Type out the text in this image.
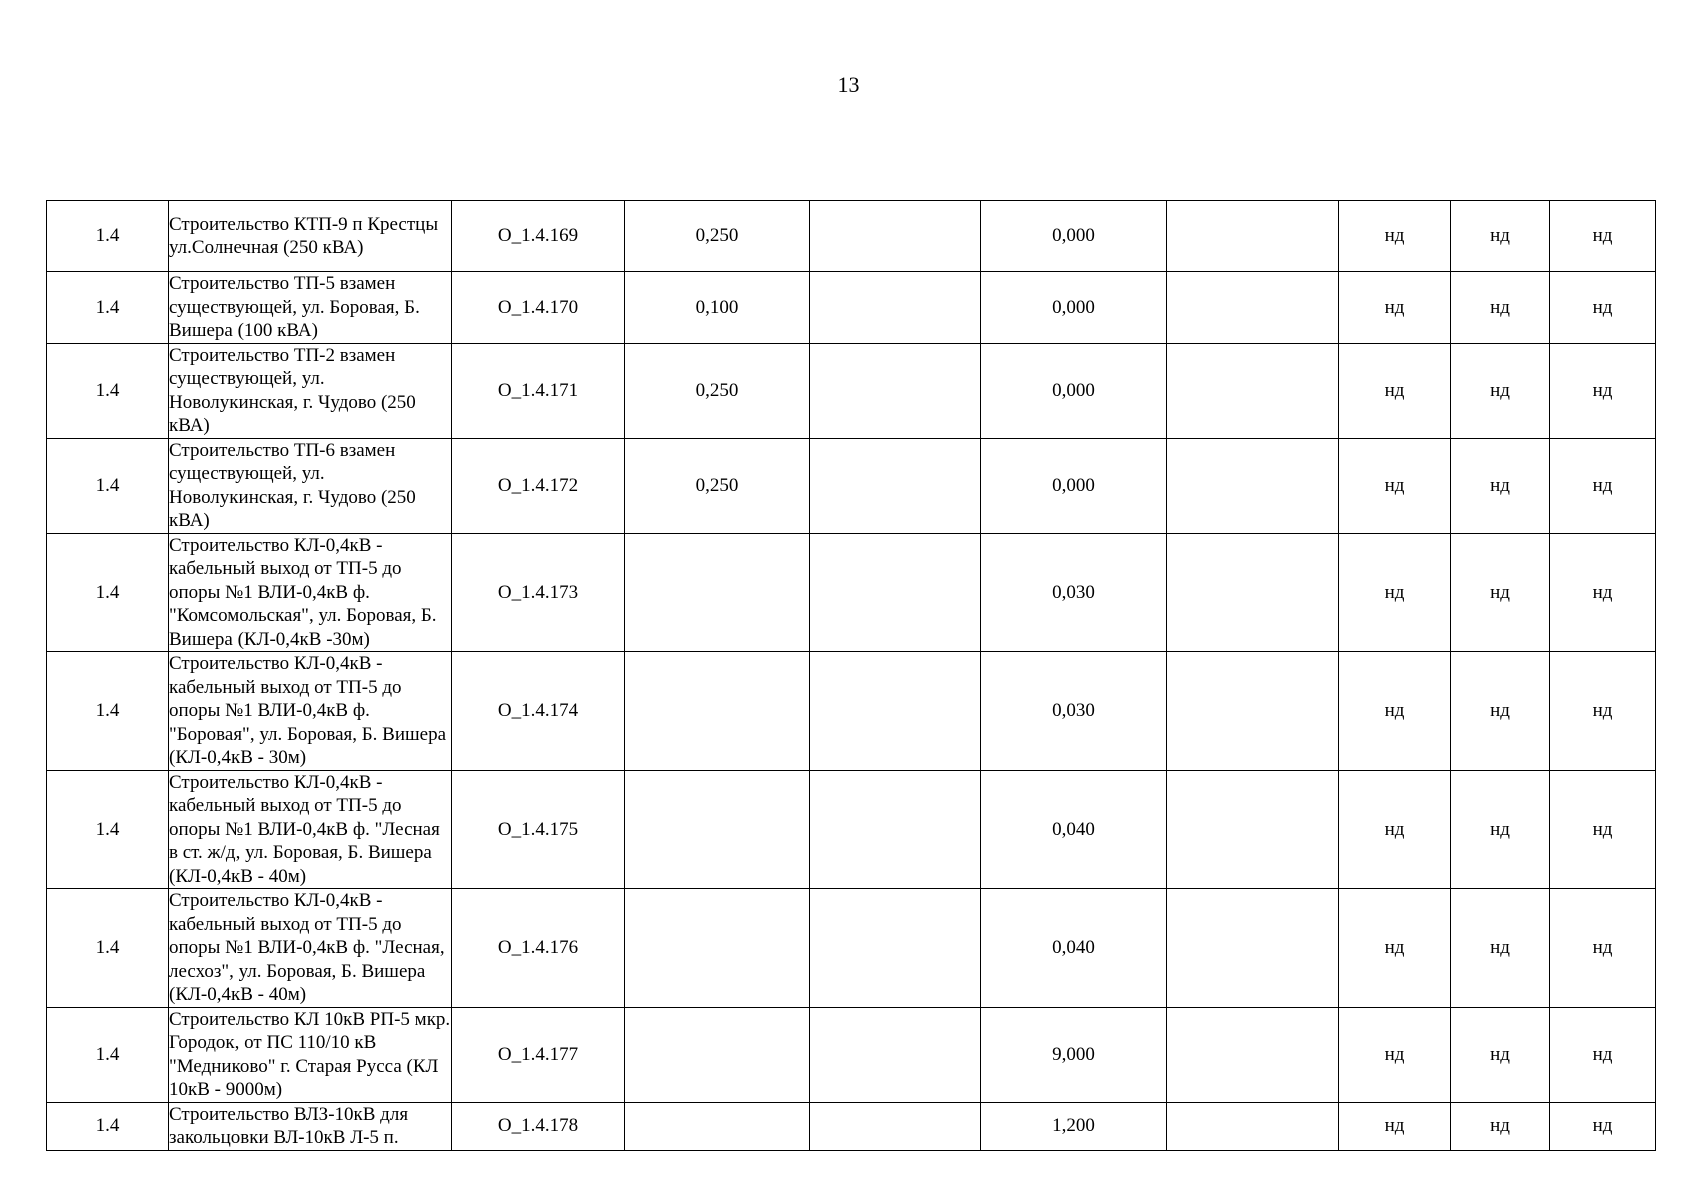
13
1.4	Строительство КТП-9 п Крестцы ул.Солнечная (250 кВА)	О_1.4.169	0,250		0,000		нд	нд	нд
1.4	Строительство ТП-5 взамен существующей, ул. Боровая, Б. Вишера (100 кВА)	О_1.4.170	0,100		0,000		нд	нд	нд
1.4	Строительство ТП-2 взамен существующей, ул. Новолукинская, г. Чудово (250 кВА)	О_1.4.171	0,250		0,000		нд	нд	нд
1.4	Строительство ТП-6 взамен существующей, ул. Новолукинская, г. Чудово (250 кВА)	О_1.4.172	0,250		0,000		нд	нд	нд
1.4	Строительство КЛ-0,4кВ - кабельный выход от ТП-5 до опоры №1 ВЛИ-0,4кВ ф. "Комсомольская", ул. Боровая, Б. Вишера (КЛ-0,4кВ -30м)	О_1.4.173			0,030		нд	нд	нд
1.4	Строительство КЛ-0,4кВ - кабельный выход от ТП-5 до опоры №1 ВЛИ-0,4кВ ф. "Боровая", ул. Боровая, Б. Вишера (КЛ-0,4кВ - 30м)	О_1.4.174			0,030		нд	нд	нд
1.4	Строительство КЛ-0,4кВ - кабельный выход от ТП-5 до опоры №1 ВЛИ-0,4кВ ф. "Лесная в ст. ж/д, ул. Боровая, Б. Вишера (КЛ-0,4кВ - 40м)	О_1.4.175			0,040		нд	нд	нд
1.4	Строительство КЛ-0,4кВ - кабельный выход от ТП-5 до опоры №1 ВЛИ-0,4кВ ф. "Лесная, лесхоз", ул. Боровая, Б. Вишера (КЛ-0,4кВ - 40м)	О_1.4.176			0,040		нд	нд	нд
1.4	Строительство КЛ 10кВ РП-5 мкр. Городок, от ПС 110/10 кВ "Медниково" г. Старая Русса (КЛ 10кВ - 9000м)	О_1.4.177			9,000		нд	нд	нд
1.4	Строительство ВЛЗ-10кВ для закольцовки ВЛ-10кВ Л-5 п.	О_1.4.178			1,200		нд	нд	нд
